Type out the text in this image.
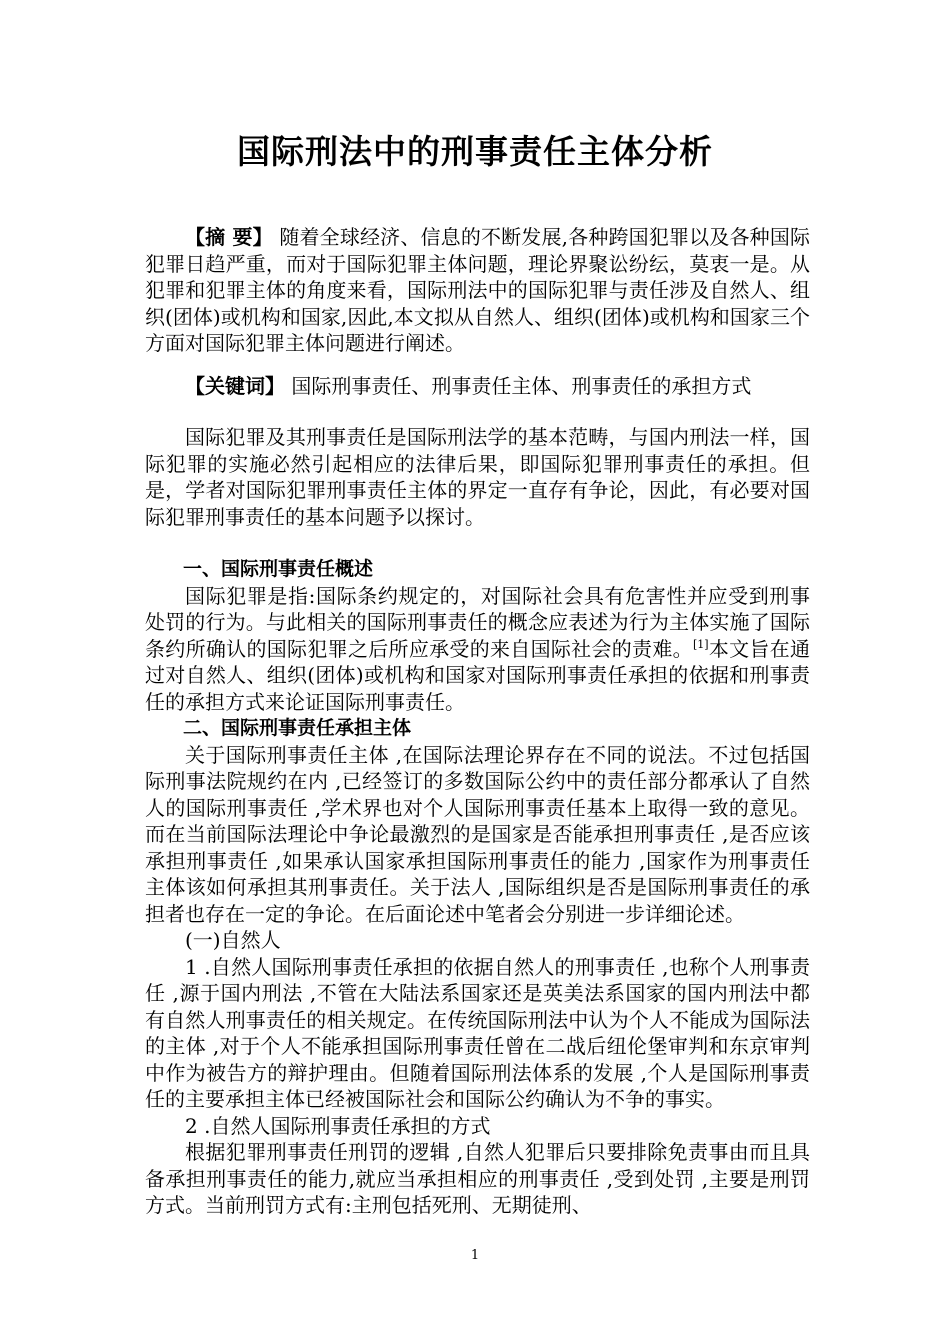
国际刑法中的刑事责任主体分析

【摘 要】 随着全球经济、信息的不断发展,各种跨国犯罪以及各种国际犯罪日趋严重，而对于国际犯罪主体问题，理论界聚讼纷纭，莫衷一是。从犯罪和犯罪主体的角度来看，国际刑法中的国际犯罪与责任涉及自然人、组织(团体)或机构和国家,因此,本文拟从自然人、组织(团体)或机构和国家三个方面对国际犯罪主体问题进行阐述。

【关键词】 国际刑事责任、刑事责任主体、刑事责任的承担方式

国际犯罪及其刑事责任是国际刑法学的基本范畴，与国内刑法一样，国际犯罪的实施必然引起相应的法律后果，即国际犯罪刑事责任的承担。但是，学者对国际犯罪刑事责任主体的界定一直存有争论，因此，有必要对国际犯罪刑事责任的基本问题予以探讨。

一、国际刑事责任概述

国际犯罪是指:国际条约规定的，对国际社会具有危害性并应受到刑事处罚的行为。与此相关的国际刑事责任的概念应表述为行为主体实施了国际条约所确认的国际犯罪之后所应承受的来自国际社会的责难。[1]本文旨在通过对自然人、组织(团体)或机构和国家对国际刑事责任承担的依据和刑事责任的承担方式来论证国际刑事责任。

二、国际刑事责任承担主体

关于国际刑事责任主体 ,在国际法理论界存在不同的说法。不过包括国际刑事法院规约在内 ,已经签订的多数国际公约中的责任部分都承认了自然人的国际刑事责任 ,学术界也对个人国际刑事责任基本上取得一致的意见。而在当前国际法理论中争论最激烈的是国家是否能承担刑事责任 ,是否应该承担刑事责任 ,如果承认国家承担国际刑事责任的能力 ,国家作为刑事责任主体该如何承担其刑事责任。关于法人 ,国际组织是否是国际刑事责任的承担者也存在一定的争论。在后面论述中笔者会分别进一步详细论述。

(一)自然人

1 .自然人国际刑事责任承担的依据自然人的刑事责任 ,也称个人刑事责任 ,源于国内刑法 ,不管在大陆法系国家还是英美法系国家的国内刑法中都有自然人刑事责任的相关规定。在传统国际刑法中认为个人不能成为国际法的主体 ,对于个人不能承担国际刑事责任曾在二战后纽伦堡审判和东京审判中作为被告方的辩护理由。但随着国际刑法体系的发展 ,个人是国际刑事责任的主要承担主体已经被国际社会和国际公约确认为不争的事实。

2 .自然人国际刑事责任承担的方式

根据犯罪刑事责任刑罚的逻辑 ,自然人犯罪后只要排除免责事由而且具备承担刑事责任的能力,就应当承担相应的刑事责任 ,受到处罚 ,主要是刑罚方式。当前刑罚方式有:主刑包括死刑、无期徒刑、

1
